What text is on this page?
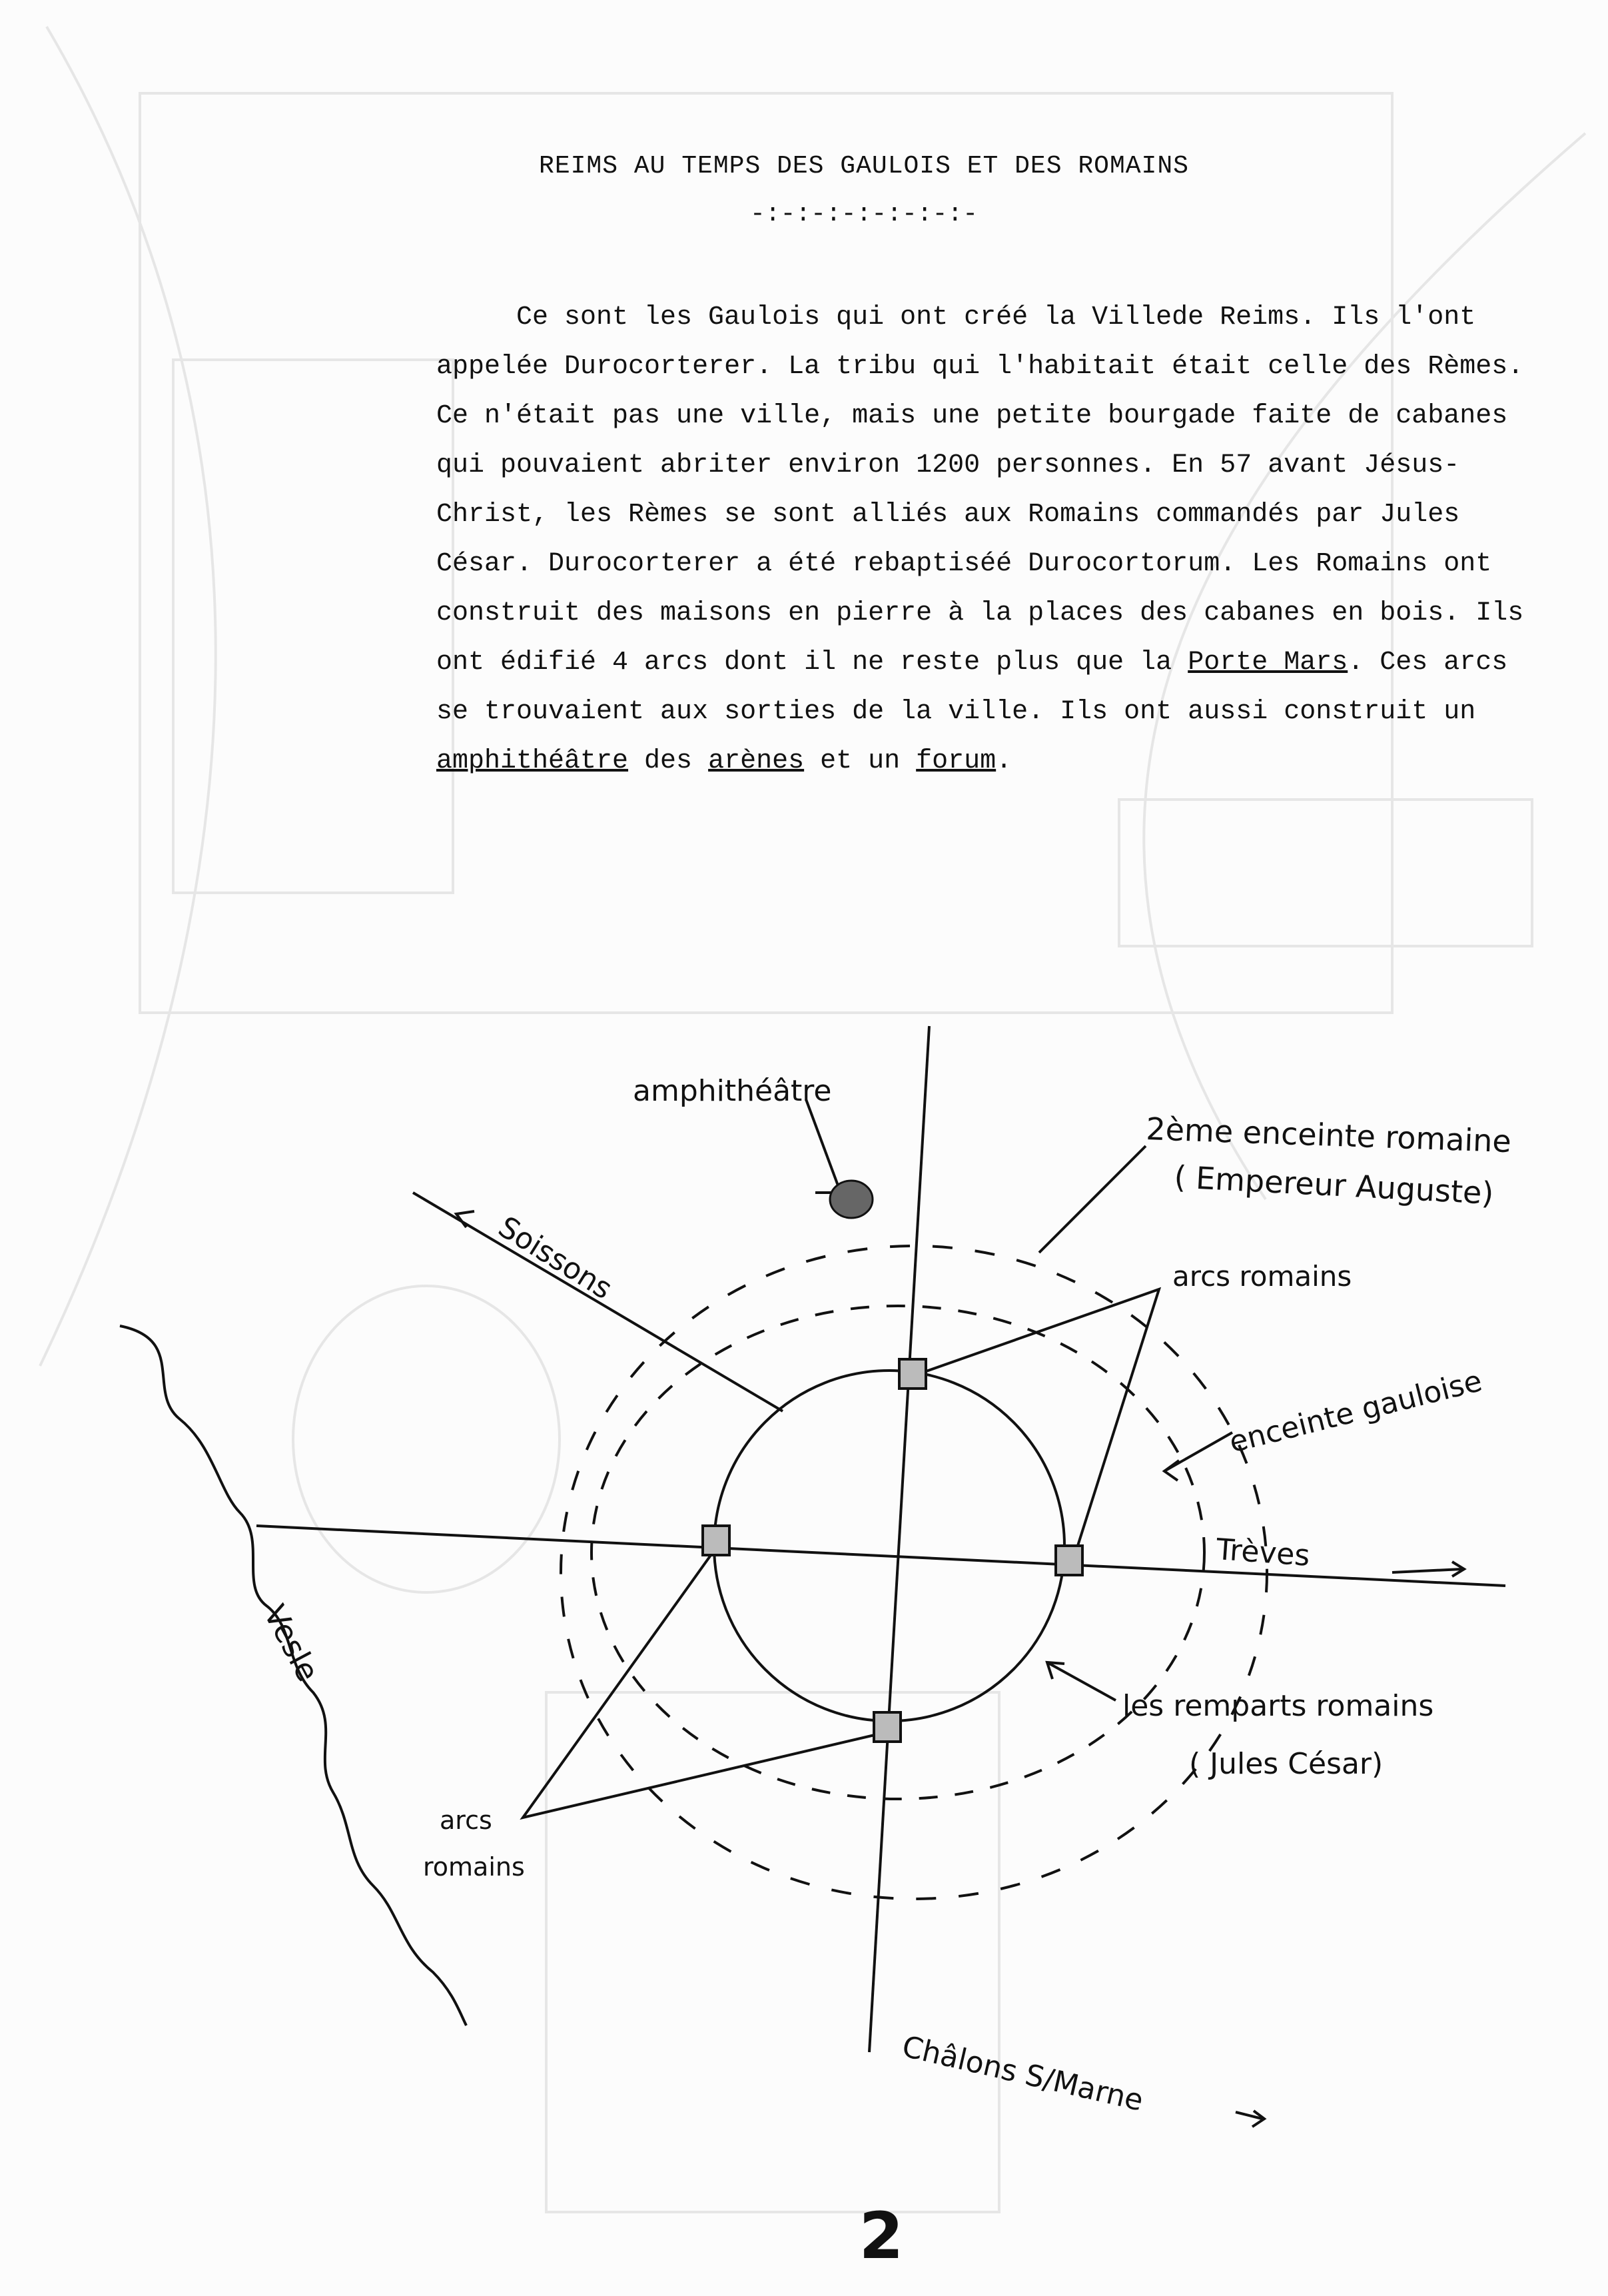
REIMS AU TEMPS DES GAULOIS ET DES ROMAINS
-:-:-:-:-:-:-:-

Ce sont les Gaulois qui ont créé la Villede Reims. Ils l'ont appelée Durocorterer. La tribu qui l'habitait était celle des Rèmes. Ce n'était pas une ville, mais une petite bourgade faite de cabanes qui pouvaient abriter environ 1200 personnes. En 57 avant Jésus-Christ, les Rèmes se sont alliés aux Romains commandés par Jules César. Durocorterer a été rebaptiséé Durocortorum. Les Romains ont construit des maisons en pierre à la places des cabanes en bois. Ils ont édifié 4 arcs dont il ne reste plus que la Porte Mars. Ces arcs se trouvaient aux sorties de la ville. Ils ont aussi construit un amphithéâtre des arènes et un forum.

amphithéâtre
2ème enceinte romaine
( Empereur Auguste)
arcs romains
Soissons
enceinte gauloise
Trèves
les remparts romains
( Jules César)
Vesle
arcs
romains
Châlons S/Marne
2
